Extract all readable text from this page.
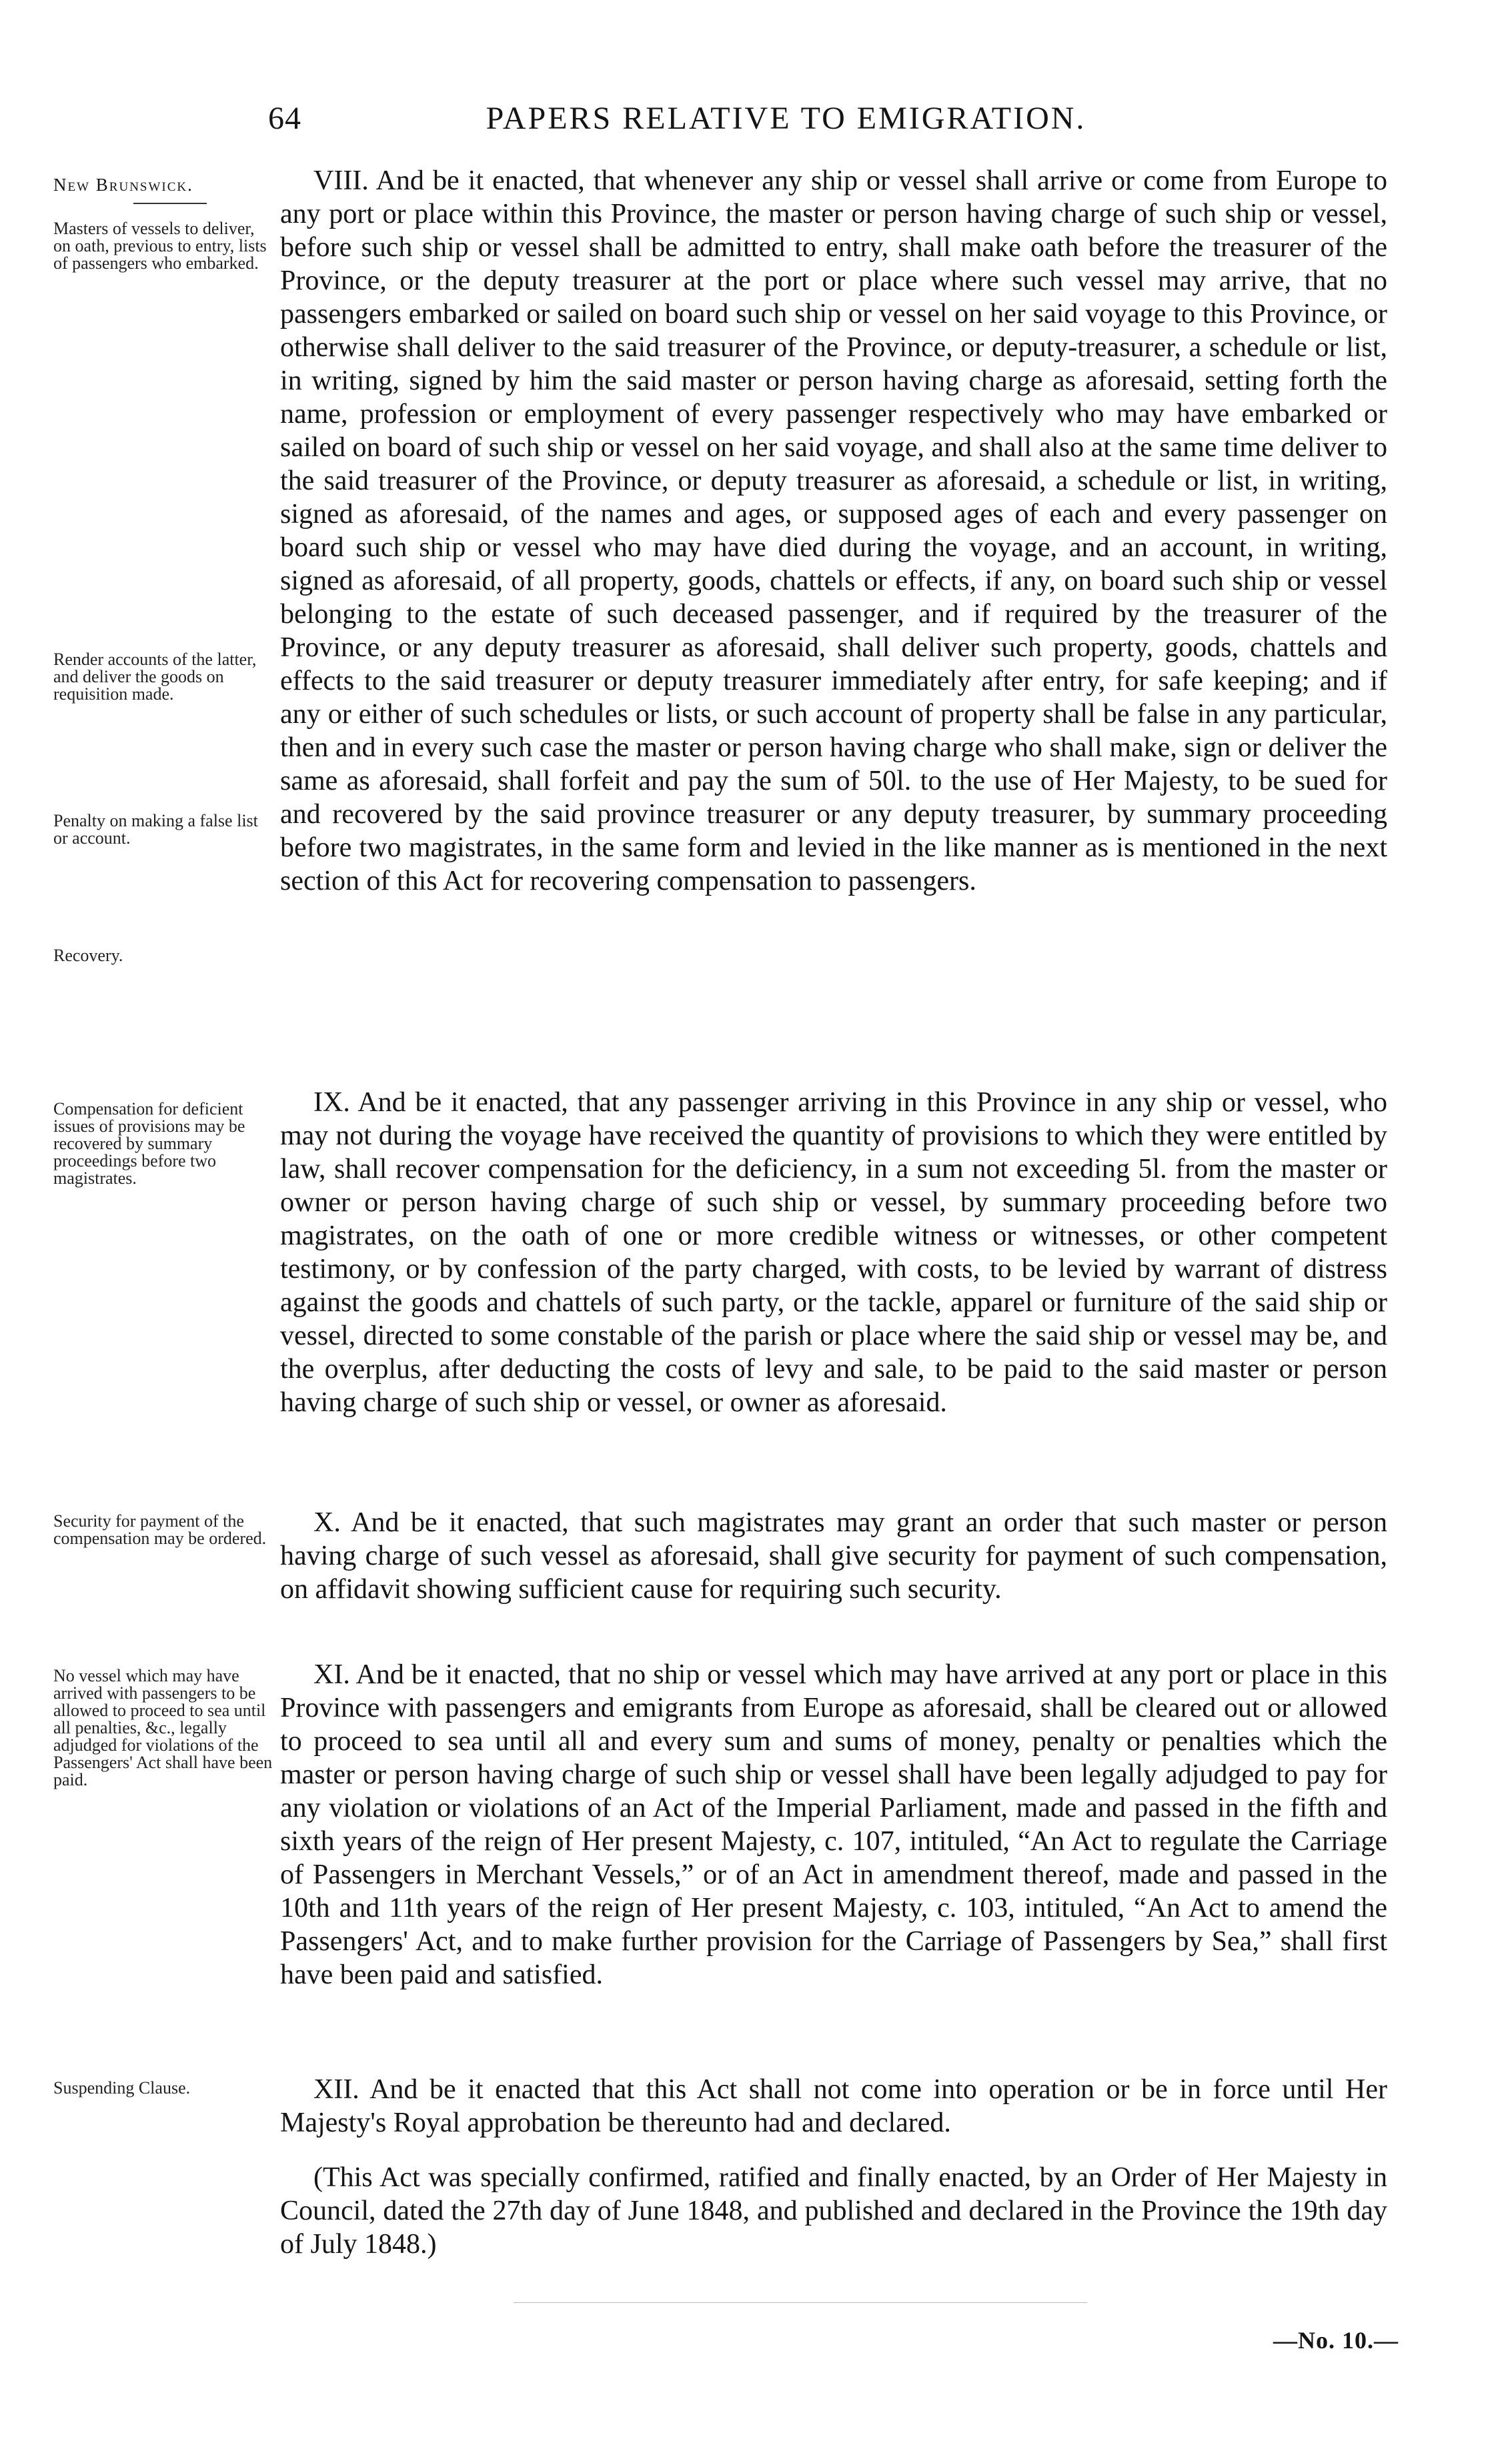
64	PAPERS RELATIVE TO EMIGRATION.
New Brunswick.
Masters of vessels to deliver, on oath, previous to entry, lists of passengers who embarked.
Render accounts of the latter, and deliver the goods on requisition made.
Penalty on making a false list or account.
Recovery.
Compensation for deficient issues of provisions may be recovered by summary proceedings before two magistrates.
Security for payment of the compensation may be ordered.
No vessel which may have arrived with passengers to be allowed to proceed to sea until all penalties, &c., legally adjudged for violations of the Passengers' Act shall have been paid.
Suspending Clause.
VIII. And be it enacted, that whenever any ship or vessel shall arrive or come from Europe to any port or place within this Province, the master or person having charge of such ship or vessel, before such ship or vessel shall be admitted to entry, shall make oath before the treasurer of the Province, or the deputy treasurer at the port or place where such vessel may arrive, that no passengers embarked or sailed on board such ship or vessel on her said voyage to this Province, or otherwise shall deliver to the said treasurer of the Province, or deputy-treasurer, a schedule or list, in writing, signed by him the said master or person having charge as aforesaid, setting forth the name, profession or employment of every passenger respectively who may have embarked or sailed on board of such ship or vessel on her said voyage, and shall also at the same time deliver to the said treasurer of the Province, or deputy treasurer as aforesaid, a schedule or list, in writing, signed as aforesaid, of the names and ages, or supposed ages of each and every passenger on board such ship or vessel who may have died during the voyage, and an account, in writing, signed as aforesaid, of all property, goods, chattels or effects, if any, on board such ship or vessel belonging to the estate of such deceased passenger, and if required by the treasurer of the Province, or any deputy treasurer as aforesaid, shall deliver such property, goods, chattels and effects to the said treasurer or deputy treasurer immediately after entry, for safe keeping; and if any or either of such schedules or lists, or such account of property shall be false in any particular, then and in every such case the master or person having charge who shall make, sign or deliver the same as aforesaid, shall forfeit and pay the sum of 50l. to the use of Her Majesty, to be sued for and recovered by the said province treasurer or any deputy treasurer, by summary proceeding before two magistrates, in the same form and levied in the like manner as is mentioned in the next section of this Act for recovering compensation to passengers.
IX. And be it enacted, that any passenger arriving in this Province in any ship or vessel, who may not during the voyage have received the quantity of provisions to which they were entitled by law, shall recover compensation for the deficiency, in a sum not exceeding 5l. from the master or owner or person having charge of such ship or vessel, by summary proceeding before two magistrates, on the oath of one or more credible witness or witnesses, or other competent testimony, or by confession of the party charged, with costs, to be levied by warrant of distress against the goods and chattels of such party, or the tackle, apparel or furniture of the said ship or vessel, directed to some constable of the parish or place where the said ship or vessel may be, and the overplus, after deducting the costs of levy and sale, to be paid to the said master or person having charge of such ship or vessel, or owner as aforesaid.
X. And be it enacted, that such magistrates may grant an order that such master or person having charge of such vessel as aforesaid, shall give security for payment of such compensation, on affidavit showing sufficient cause for requiring such security.
XI. And be it enacted, that no ship or vessel which may have arrived at any port or place in this Province with passengers and emigrants from Europe as aforesaid, shall be cleared out or allowed to proceed to sea until all and every sum and sums of money, penalty or penalties which the master or person having charge of such ship or vessel shall have been legally adjudged to pay for any violation or violations of an Act of the Imperial Parliament, made and passed in the fifth and sixth years of the reign of Her present Majesty, c. 107, intituled, “An Act to regulate the Carriage of Passengers in Merchant Vessels,” or of an Act in amendment thereof, made and passed in the 10th and 11th years of the reign of Her present Majesty, c. 103, intituled, “An Act to amend the Passengers' Act, and to make further provision for the Carriage of Passengers by Sea,” shall first have been paid and satisfied.
XII. And be it enacted that this Act shall not come into operation or be in force until Her Majesty's Royal approbation be thereunto had and declared.
(This Act was specially confirmed, ratified and finally enacted, by an Order of Her Majesty in Council, dated the 27th day of June 1848, and published and declared in the Province the 19th day of July 1848.)
—No. 10.—
